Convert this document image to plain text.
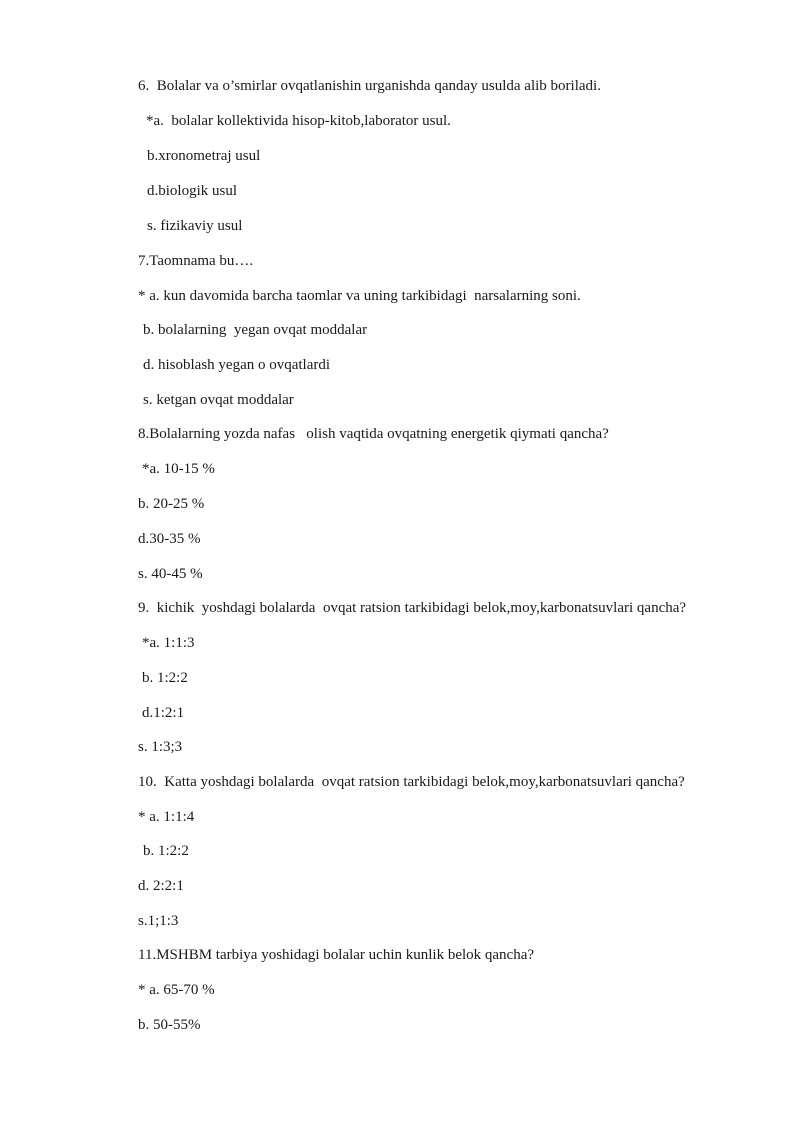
6.  Bolalar va o’smirlar ovqatlanishin urganishda qanday usulda alib boriladi.

*a.  bolalar kollektivida hisop-kitob,laborator usul.

b.xronometraj usul

d.biologik usul

s. fizikaviy usul

7.Taomnama bu….

* a. kun davomida barcha taomlar va uning tarkibidagi  narsalarning soni.

b. bolalarning  yegan ovqat moddalar

d. hisoblash yegan o ovqatlardi

s. ketgan ovqat moddalar

8.Bolalarning yozda nafas   olish vaqtida ovqatning energetik qiymati qancha?

*a. 10-15 %

b. 20-25 %

d.30-35 %

s. 40-45 %

9.  kichik  yoshdagi bolalarda  ovqat ratsion tarkibidagi belok,moy,karbonatsuvlari qancha?

*a. 1:1:3

b. 1:2:2

d.1:2:1

s. 1:3;3

10.  Katta yoshdagi bolalarda  ovqat ratsion tarkibidagi belok,moy,karbonatsuvlari qancha?

* a. 1:1:4

b. 1:2:2

d. 2:2:1

s.1;1:3

11.MSHBM tarbiya yoshidagi bolalar uchin kunlik belok qancha?

* a. 65-70 %

b. 50-55%
